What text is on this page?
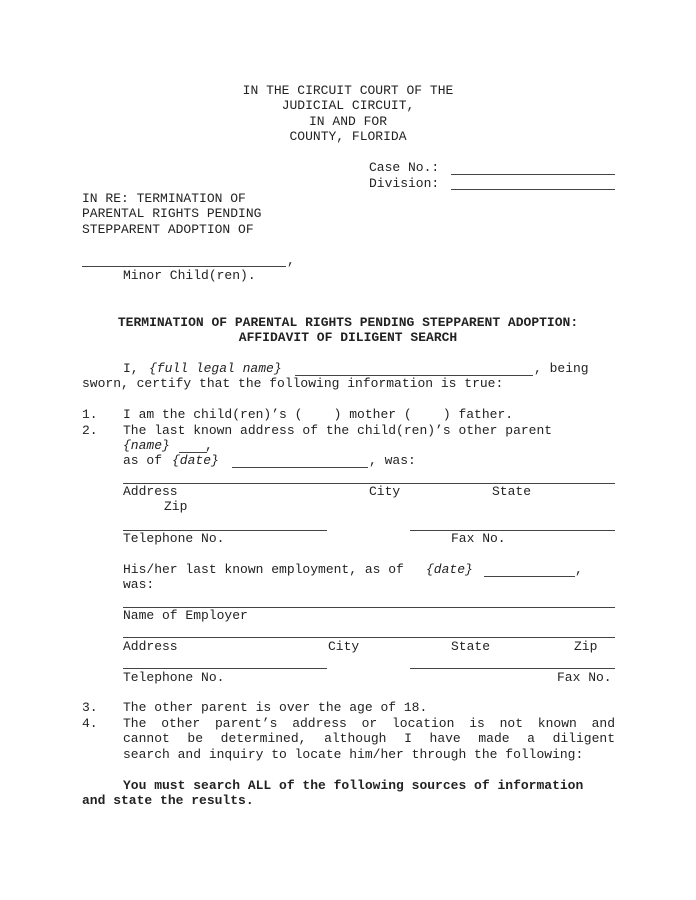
IN THE CIRCUIT COURT OF THE
JUDICIAL CIRCUIT,
IN AND FOR
COUNTY, FLORIDA
Case No.:
Division:
IN RE: TERMINATION OF
PARENTAL RIGHTS PENDING
STEPPARENT ADOPTION OF
,
Minor Child(ren).
TERMINATION OF PARENTAL RIGHTS PENDING STEPPARENT ADOPTION:
AFFIDAVIT OF DILIGENT SEARCH
I, {full legal name}	, being
sworn, certify that the following information is true:
1. I am the child(ren)’s (    ) mother (    ) father.
2. The last known address of the child(ren)’s other parent
{name}	,
as of {date}	, was:
Address	City	State
Zip
Telephone No.	Fax No.
His/her last known employment, as of {date}	,
was:
Name of Employer
Address	City	State	Zip
Telephone No.	Fax No.
3. The other parent is over the age of 18.
4. The other parent’s address or location is not known and
cannot be determined, although I have made a diligent
search and inquiry to locate him/her through the following:
You must search ALL of the following sources of information
and state the results.
